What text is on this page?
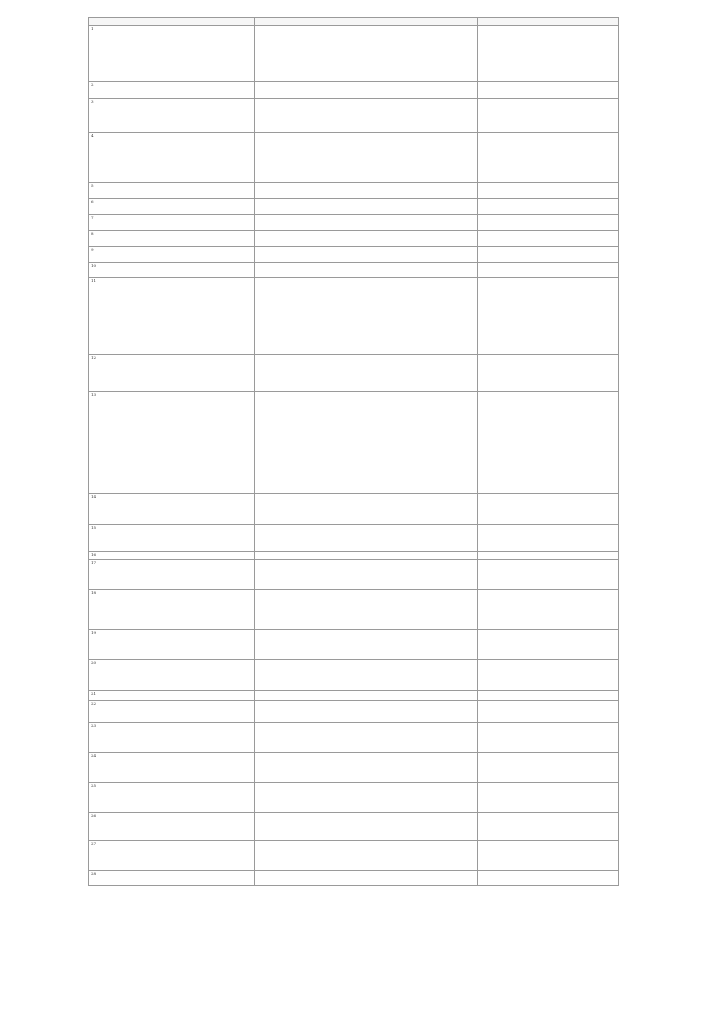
1		
2		
3		
4		
5		
6		
7		
8		
9		
10		
11		
12		
13		
14		
15		
16		
17		
18		
19		
20		
21		
22		
23		
24		
25		
26		
27		
28		
